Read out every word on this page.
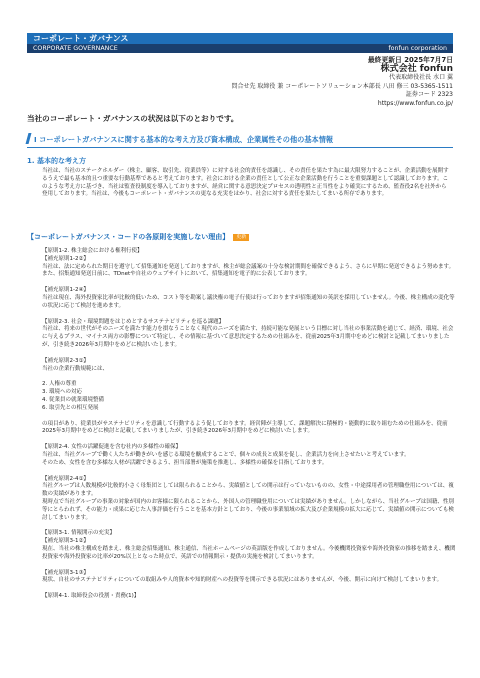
コーポレート・ガバナンス
CORPORATE GOVERNANCE	fonfun corporation
最終更新日 2025年7月7日
株式会社 fonfun
代表取締役社長 水口 翼
問合せ先 取締役 兼 コーポレートソリューション本部長 八田 修三 03-5365-1511
証券コード 2323
https://www.fonfun.co.jp/
当社のコーポレート・ガバナンスの状況は以下のとおりです。
Ⅰ コーポレートガバナンスに関する基本的な考え方及び資本構成、企業属性その他の基本情報
1. 基本的な考え方
当社は、当社のステークホルダー（株主、顧客、取引先、従業員等）に対する社会的責任を認識し、その責任を果たす為に最大限努力することが、企業活動を展開するうえで最も基本的且つ重要な行動基準であると考えております。社会における企業の責任として公正な企業活動を行うことを重要課題として認識しております。このような考え方に基づき、当社は監査役制度を導入しておりますが、経営に関する意思決定プロセスの透明性と正当性をより確実にするため、監査役2名を社外から登用しております。当社は、今後もコーポレート・ガバナンスの更なる充実をはかり、社会に対する責任を果たしてまいる所存であります。
【コーポレートガバナンス・コードの各原則を実施しない理由】 更新

【原則1-2. 株主総会における権利行使】

【補充原則1-2②】

当社は、法に定められた期日を遵守して招集通知を発送しておりますが、株主が総会議案の十分な検討期間を確保できるよう、さらに早期に発送できるよう努めます。

また、招集通知発送日前に、TDnetや自社のウェブサイトにおいて、招集通知を電子的に公表しております。

【補充原則1-2④】

当社は現在、海外投資家比率が比較的低いため、コスト等を勘案し議決権の電子行使は行っておりますが招集通知の英訳を採用していません。今後、株主構成の変化等の状況に応じて検討を進めます。

【原則2-3. 社会・環境問題をはじめとするサステナビリティを巡る課題】

当社は、将来の世代がそのニーズを満たす能力を損なうことなく現代のニーズを満たす、持続可能な発展という目標に対し当社の事業活動を通じて、経済、環境、社会に与えるプラス、マイナス両方の影響について特定し、その情報に基づいて意思決定するための仕組みを、従前2025年3月期中をめどに検討と記載してまいりましたが、引き続き2026年3月期中をめどに検討いたします。

【補充原則2-3①】

当社の企業行動規範には、

2. 人権の尊重

3. 環境への対応

4. 従業員の就業環境整備

6. 取引先との相互発展

の項目があり、従業員がサステナビリティを意識して行動するよう促しております。経営陣が主導して、課題解決に積極的・能動的に取り組むための仕組みを、従前2025年3月期中をめどに検討と記載してまいりましたが、引き続き2026年3月期中をめどに検討いたします。

【原則2-4. 女性の活躍促進を含む社内の多様性の確保】

当社は、当社グループで働く人たちが働きがいを感じる環境を醸成することで、個々の成長と成果を促し、企業活力を向上させたいと考えています。

そのため、女性を含む多様な人材が活躍できるよう、担当部署が施策を推進し、多様性の確保を目指しております。

【補充原則2-4①】

当社グループは人数規模が比較的小さく母集団としては限られることから、実績値としての開示は行っていないものの、女性・中途採用者の管理職登用については、複数の実績があります。

現時点で当社グループの事業の対象が国内のお客様に限られることから、外国人の管理職登用については実績がありません。しかしながら、当社グループは国籍、性別等にとらわれず、その能力・成果に応じた人事評価を行うことを基本方針としており、今後の事業領域の拡大及び企業規模の拡大に応じて、実績値の開示についても検討してまいります。

【原則3-1. 情報開示の充実】

【補充原則3-1②】

現在、当社の株主構成を踏まえ、株主総会招集通知、株主通信、当社ホームページの英語版を作成しておりません。今後機関投資家や海外投資家の推移を踏まえ、機関投資家や海外投資家の比率が20%以上となった時点で、英語での情報開示・提供の実施を検討してまいります。

【補充原則3-1③】

現状、自社のサステナビリティについての取組みや人的資本や知的財産への投資等を開示できる状況にはありませんが、今後、開示に向けて検討してまいります。

【原則4-1. 取締役会の役割・責務(1)】
